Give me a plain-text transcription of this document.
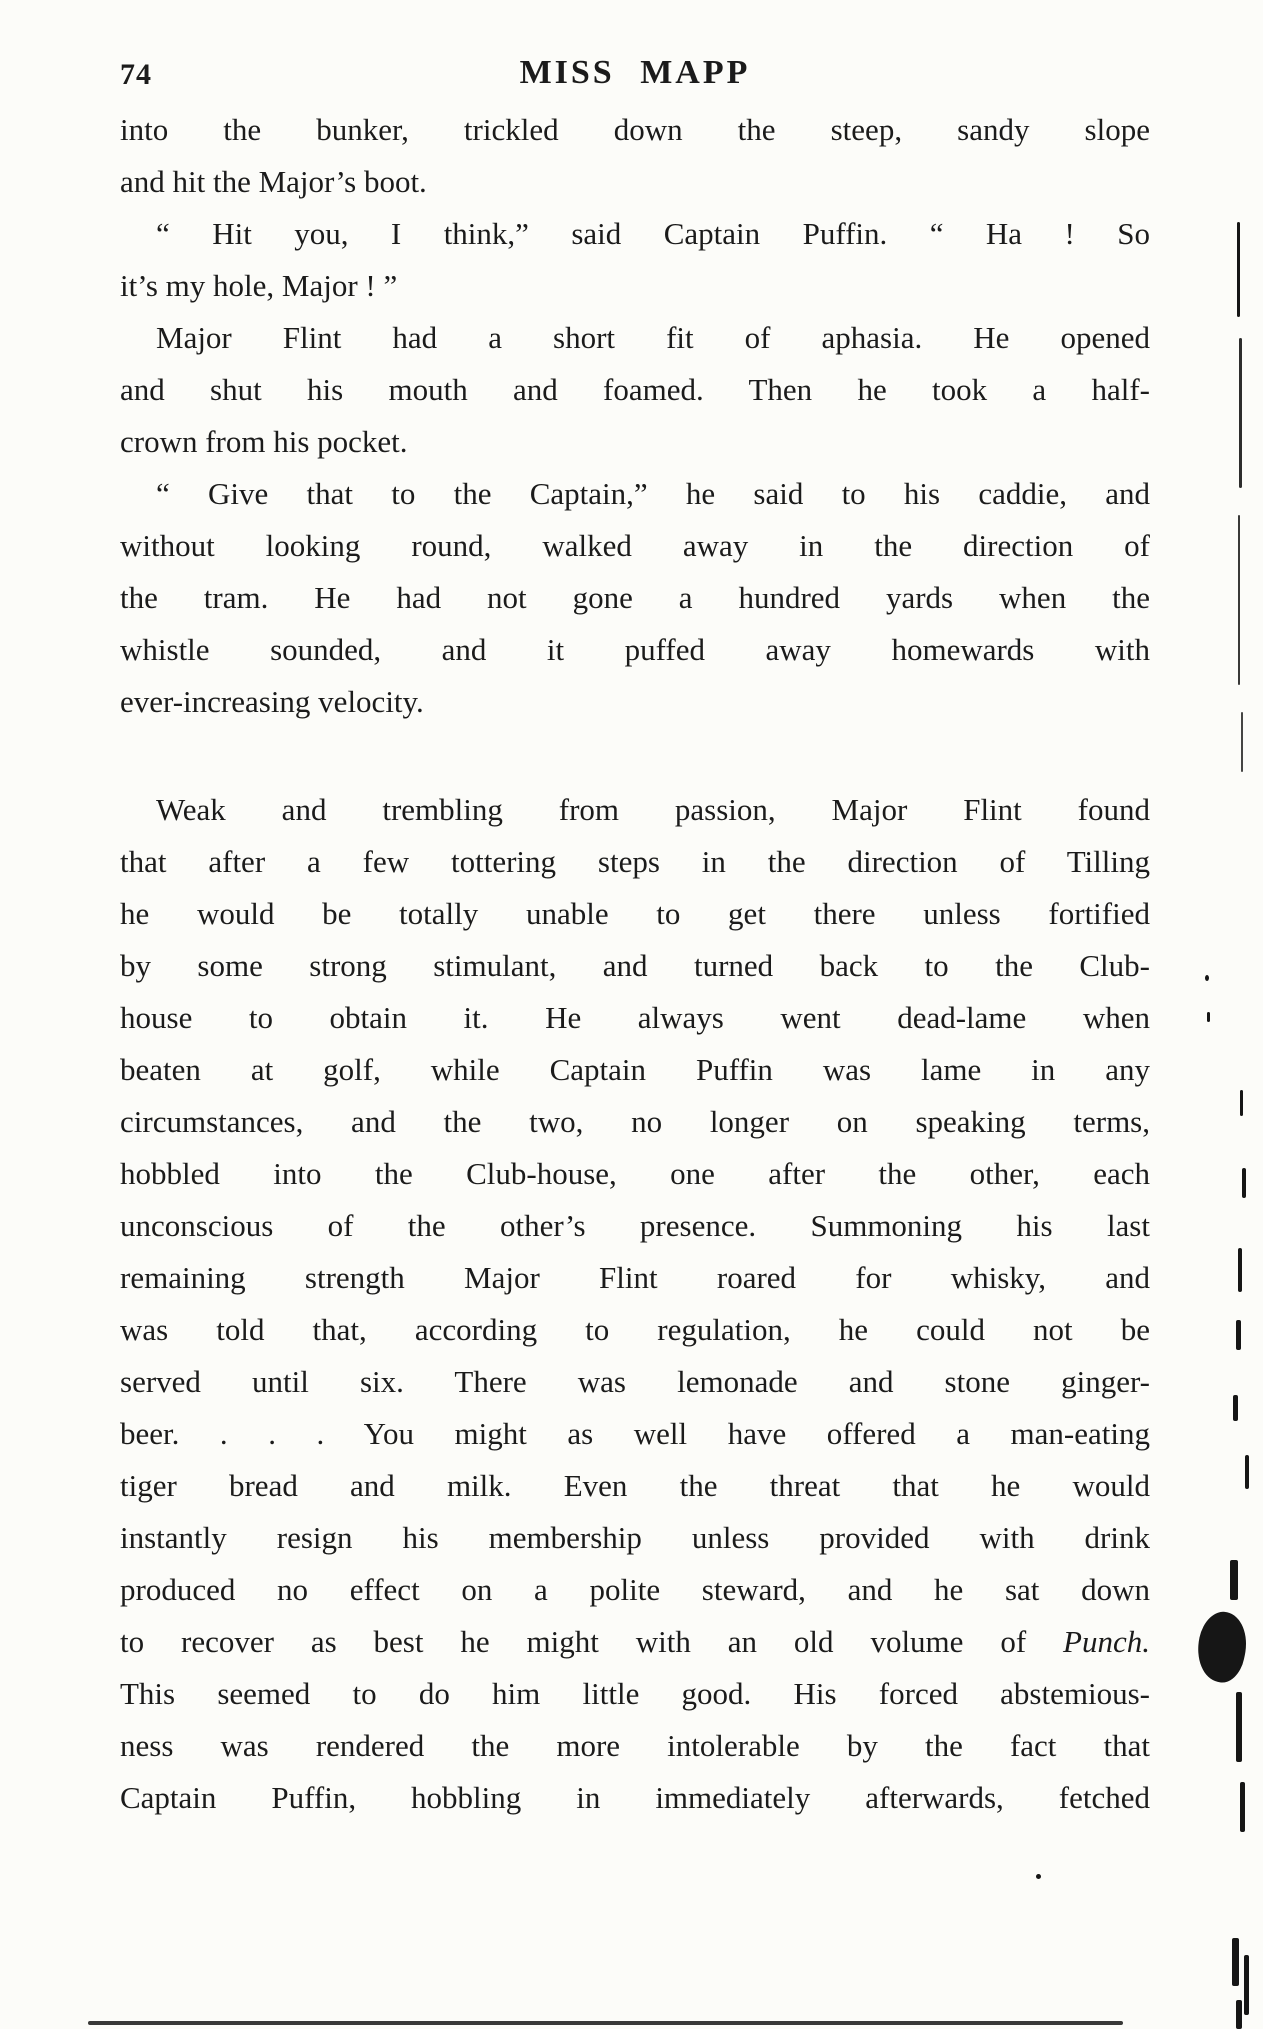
74	MISS MAPP
into the bunker, trickled down the steep, sandy slope
and hit the Major’s boot.
“ Hit you, I think,” said Captain Puffin. “ Ha ! So
it’s my hole, Major ! ”
Major Flint had a short fit of aphasia. He opened
and shut his mouth and foamed. Then he took a half-
crown from his pocket.
“ Give that to the Captain,” he said to his caddie, and
without looking round, walked away in the direction of
the tram. He had not gone a hundred yards when the
whistle sounded, and it puffed away homewards with
ever-increasing velocity.
Weak and trembling from passion, Major Flint found
that after a few tottering steps in the direction of Tilling
he would be totally unable to get there unless fortified
by some strong stimulant, and turned back to the Club-
house to obtain it. He always went dead-lame when
beaten at golf, while Captain Puffin was lame in any
circumstances, and the two, no longer on speaking terms,
hobbled into the Club-house, one after the other, each
unconscious of the other’s presence. Summoning his last
remaining strength Major Flint roared for whisky, and
was told that, according to regulation, he could not be
served until six. There was lemonade and stone ginger-
beer. . . . You might as well have offered a man-eating
tiger bread and milk. Even the threat that he would
instantly resign his membership unless provided with drink
produced no effect on a polite steward, and he sat down
to recover as best he might with an old volume of Punch.
This seemed to do him little good. His forced abstemious-
ness was rendered the more intolerable by the fact that
Captain Puffin, hobbling in immediately afterwards, fetched
